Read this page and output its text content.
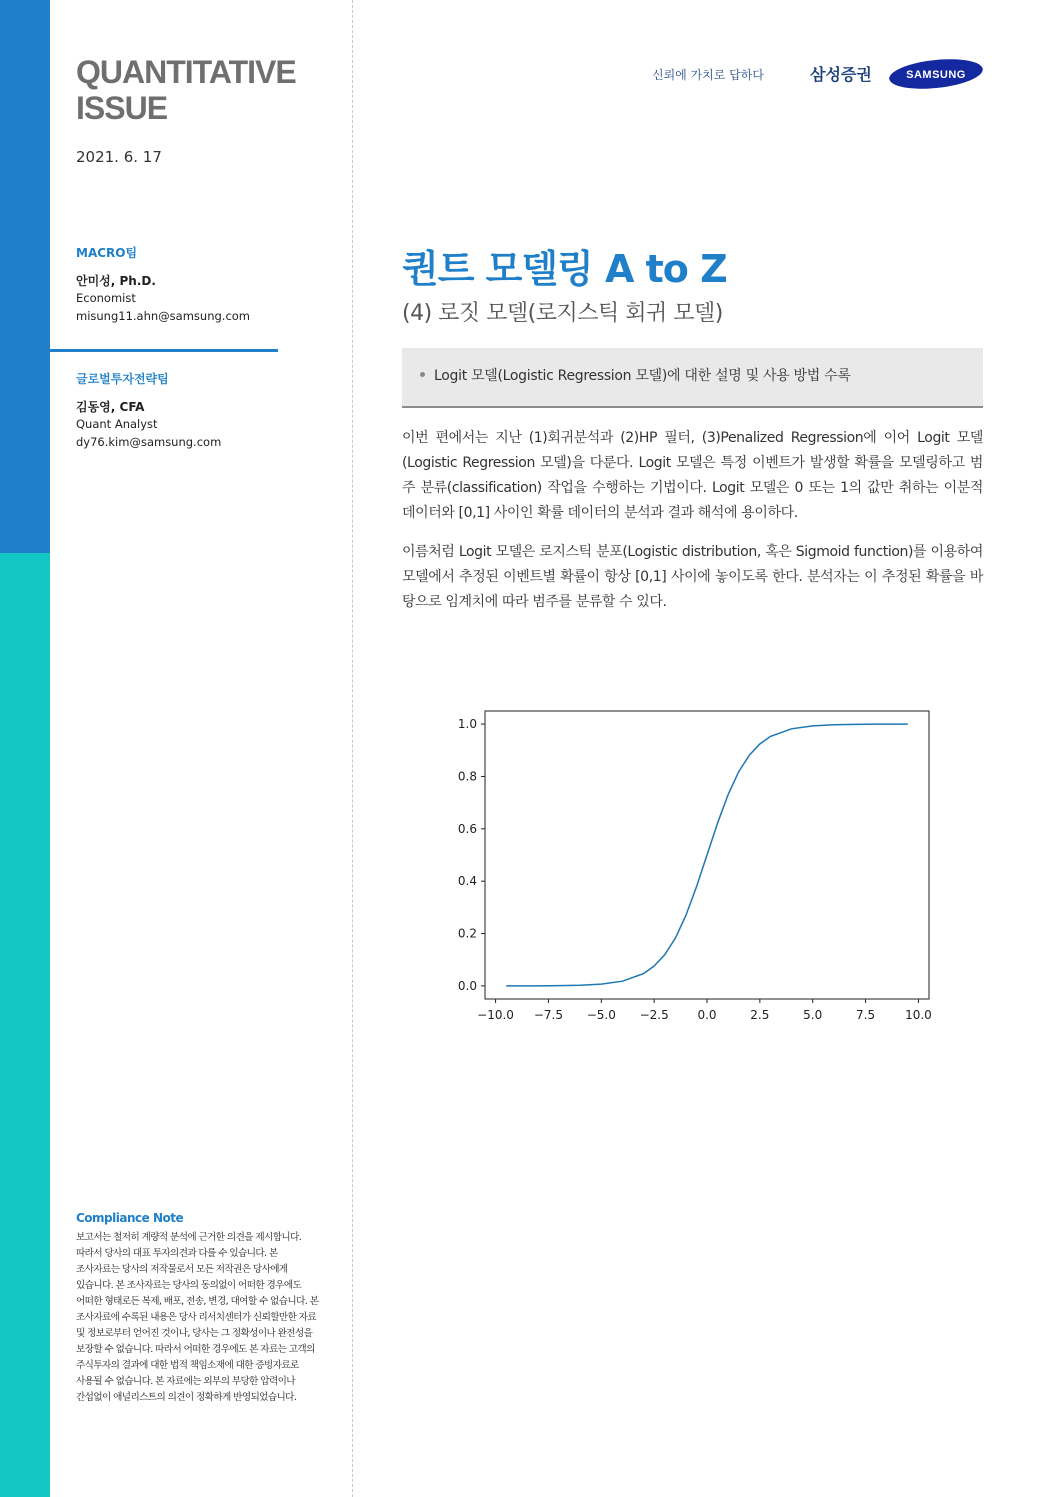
QUANTITATIVE
ISSUE
2021. 6. 17
MACRO팀
안미성, Ph.D.
Economist
misung11.ahn@samsung.com
글로벌투자전략팀
김동영, CFA
Quant Analyst
dy76.kim@samsung.com
Compliance Note
보고서는 철저히 계량적 분석에 근거한 의견을 제시합니다. 따라서 당사의 대표 투자의견과 다를 수 있습니다. 본 조사자료는 당사의 저작물로서 모든 저작권은 당사에게 있습니다. 본 조사자료는 당사의 동의없이 어떠한 경우에도 어떠한 형태로든 복제, 배포, 전송, 변경, 대여할 수 없습니다. 본 조사자료에 수록된 내용은 당사 리서치센터가 신뢰할만한 자료 및 정보로부터 얻어진 것이나, 당사는 그 정확성이나 완전성을 보장할 수 없습니다. 따라서 어떠한 경우에도 본 자료는 고객의 주식투자의 결과에 대한 법적 책임소재에 대한 증빙자료로 사용될 수 없습니다. 본 자료에는 외부의 부당한 압력이나 간섭없이 애널리스트의 의견이 정확하게 반영되었습니다.
신뢰에 가치로 답하다	삼성증권	SAMSUNG
퀀트 모델링 A to Z
(4) 로짓 모델(로지스틱 회귀 모델)
Logit 모델(Logistic Regression 모델)에 대한 설명 및 사용 방법 수록
이번 편에서는 지난 (1)회귀분석과 (2)HP 필터, (3)Penalized Regression에 이어 Logit 모델(Logistic Regression 모델)을 다룬다. Logit 모델은 특정 이벤트가 발생할 확률을 모델링하고 범주 분류(classification) 작업을 수행하는 기법이다. Logit 모델은 0 또는 1의 값만 취하는 이분적 데이터와 [0,1] 사이인 확률 데이터의 분석과 결과 해석에 용이하다.
이름처럼 Logit 모델은 로지스틱 분포(Logistic distribution, 혹은 Sigmoid function)를 이용하여 모델에서 추정된 이벤트별 확률이 항상 [0,1] 사이에 놓이도록 한다. 분석자는 이 추정된 확률을 바탕으로 임계치에 따라 범주를 분류할 수 있다.
0.0
0.2
0.4
0.6
0.8
1.0
−10.0 −7.5 −5.0 −2.5 0.0	2.5	5.0	7.5 10.0
